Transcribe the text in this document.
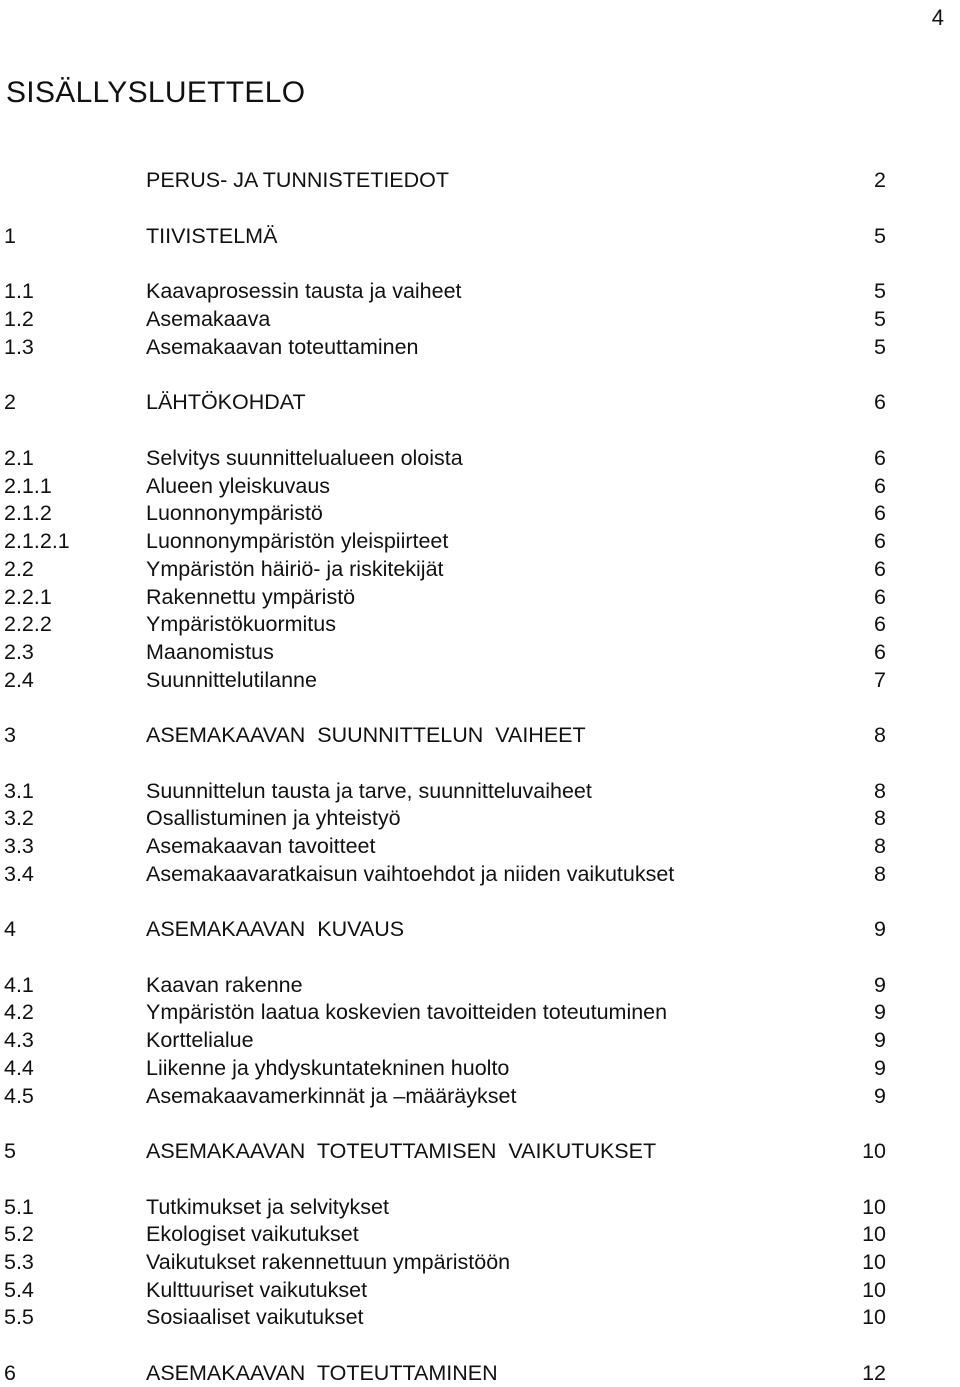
4
SISÄLLYSLUETTELO
PERUS- JA TUNNISTETIEDOT	2
1	TIIVISTELMÄ	5
1.1	Kaavaprosessin tausta ja vaiheet	5
1.2	Asemakaava	5
1.3	Asemakaavan toteuttaminen	5
2	LÄHTÖKOHDAT	6
2.1	Selvitys suunnittelualueen oloista	6
2.1.1	Alueen yleiskuvaus	6
2.1.2	Luonnonympäristö	6
2.1.2.1	Luonnonympäristön yleispiirteet	6
2.2	Ympäristön häiriö- ja riskitekijät	6
2.2.1	Rakennettu ympäristö	6
2.2.2	Ympäristökuormitus	6
2.3	Maanomistus	6
2.4	Suunnittelutilanne	7
3	ASEMAKAAVAN  SUUNNITTELUN  VAIHEET	8
3.1	Suunnittelun tausta ja tarve, suunnitteluvaiheet	8
3.2	Osallistuminen ja yhteistyö	8
3.3	Asemakaavan tavoitteet	8
3.4	Asemakaavaratkaisun vaihtoehdot ja niiden vaikutukset	8
4	ASEMAKAAVAN  KUVAUS	9
4.1	Kaavan rakenne	9
4.2	Ympäristön laatua koskevien tavoitteiden toteutuminen	9
4.3	Korttelialue	9
4.4	Liikenne ja yhdyskuntatekninen huolto	9
4.5	Asemakaavamerkinnät ja –määräykset	9
5	ASEMAKAAVAN  TOTEUTTAMISEN  VAIKUTUKSET	10
5.1	Tutkimukset ja selvitykset	10
5.2	Ekologiset vaikutukset	10
5.3	Vaikutukset rakennettuun ympäristöön	10
5.4	Kulttuuriset vaikutukset	10
5.5	Sosiaaliset vaikutukset	10
6	ASEMAKAAVAN  TOTEUTTAMINEN	12
